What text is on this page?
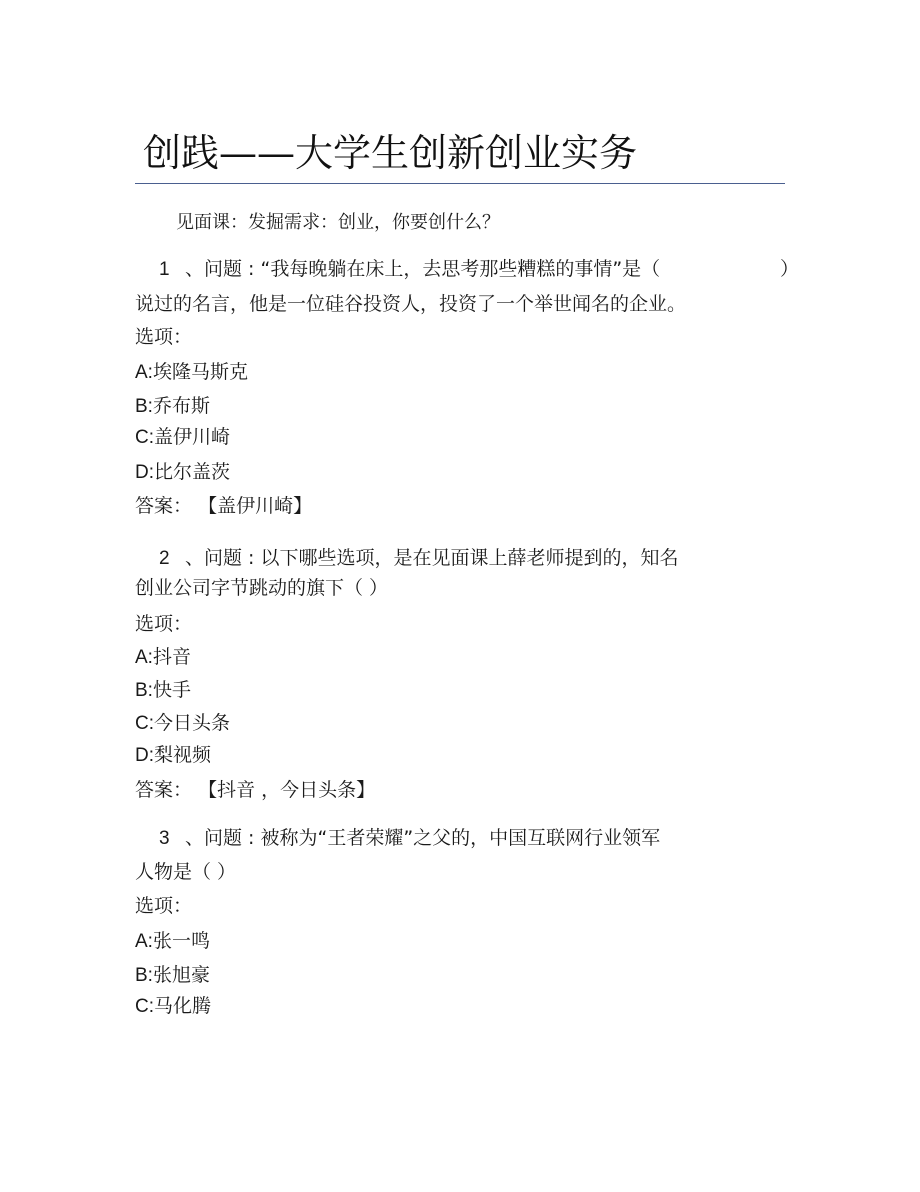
创践——大学生创新创业实务
见面课：发掘需求：创业，你要创什么？
1 、问题 : “我每晚躺在床上，去思考那些糟糕的事情”是（	）
说过的名言，他是一位硅谷投资人，投资了一个举世闻名的企业。
选项：
A:埃隆马斯克
B:乔布斯
C:盖伊川崎
D:比尔盖茨
答案： 【盖伊川崎】
2 、问题 : 以下哪些选项，是在见面课上薛老师提到的，知名
创业公司字节跳动的旗下（ ）
选项：
A:抖音
B:快手
C:今日头条
D:梨视频
答案： 【抖音 ，今日头条】
3 、问题 : 被称为“王者荣耀”之父的，中国互联网行业领军
人物是（ ）
选项：
A:张一鸣
B:张旭豪
C:马化腾
